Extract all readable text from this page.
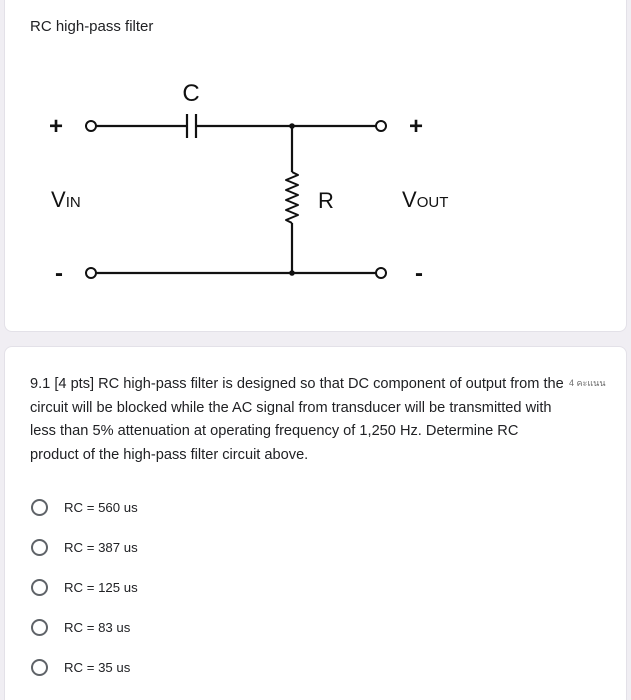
RC high-pass filter
C
R
+	+
-	-
VIN	VOUT
9.1 [4 pts] RC high-pass filter is designed so that DC component of output from the circuit will be blocked while the AC signal from transducer will be transmitted with less than 5% attenuation at operating frequency of 1,250 Hz. Determine RC product of the high-pass filter circuit above.
4 คะแนน
RC = 560 us
RC = 387 us
RC = 125 us
RC = 83 us
RC = 35 us
